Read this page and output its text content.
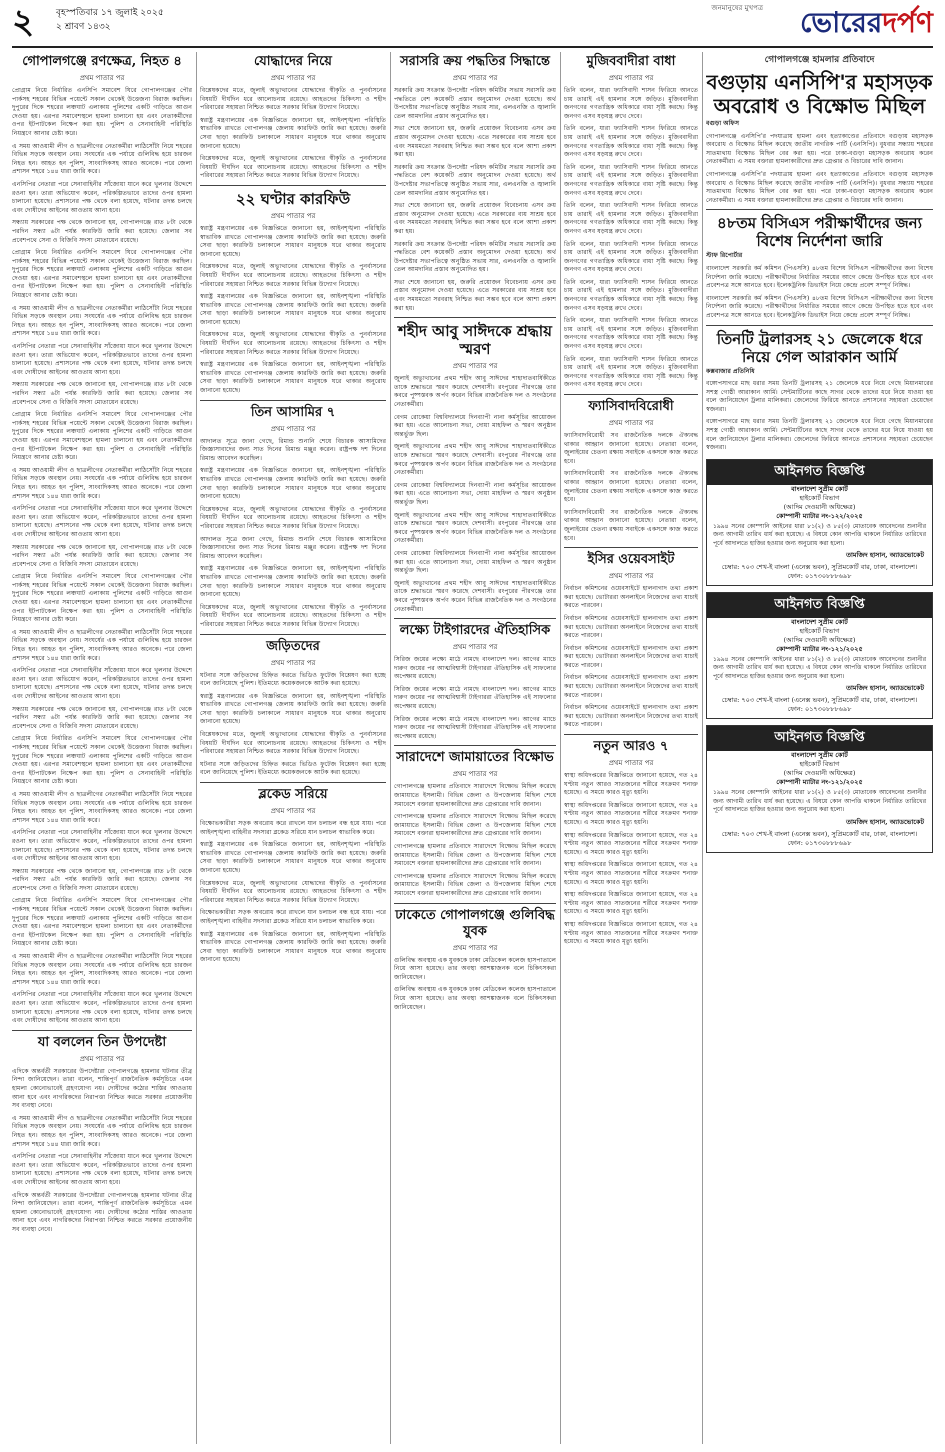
২ বৃহস্পতিবার ১৭ জুলাই ২০২৫
২ শ্রাবণ ১৪৩২
জনমানুষের মুখপত্র ভোরেরদর্পণ
গোপালগঞ্জে রণক্ষেত্র, নিহত ৪
প্রথম পাতার পর

প্রোগ্রাম নিয়ে নির্ধারিত এনসিপি সমাবেশ ঘিরে গোপালগঞ্জের পৌর পার্কসহ শহরের বিভিন্ন পয়েন্টে সকাল থেকেই উত্তেজনা বিরাজ করছিল। দুপুরের দিকে শহরের লঞ্চঘাট এলাকায় পুলিশের একটি গাড়িতে আগুন দেওয়া হয়। এরপর সমাবেশস্থলে হামলা চালানো হয় এবং নেতাকর্মীদের ওপর ইটপাটকেল নিক্ষেপ করা হয়। পুলিশ ও সেনাবাহিনী পরিস্থিতি নিয়ন্ত্রণে আনার চেষ্টা করে।

এ সময় আওয়ামী লীগ ও ছাত্রলীগের নেতাকর্মীরা লাঠিসোঁটা নিয়ে শহরের বিভিন্ন সড়কে অবস্থান নেয়। সংঘর্ষের এক পর্যায়ে গুলিবিদ্ধ হয়ে চারজন নিহত হন। আহত হন পুলিশ, সাংবাদিকসহ আরও অনেকে। পরে জেলা প্রশাসন শহরে ১৪৪ ধারা জারি করে।

এনসিপির নেতারা পরে সেনাবাহিনীর সাঁজোয়া যানে করে খুলনার উদ্দেশে রওনা হন। তারা অভিযোগ করেন, পরিকল্পিতভাবে তাদের ওপর হামলা চালানো হয়েছে। প্রশাসনের পক্ষ থেকে বলা হয়েছে, ঘটনার তদন্ত চলছে এবং দোষীদের আইনের আওতায় আনা হবে।

সন্ধ্যায় সরকারের পক্ষ থেকে জানানো হয়, গোপালগঞ্জে রাত ৮টা থেকে পরদিন সন্ধ্যা ৬টা পর্যন্ত কারফিউ জারি করা হয়েছে। জেলার সব প্রবেশপথে সেনা ও বিজিবি সদস্য মোতায়েন রয়েছে।

প্রোগ্রাম নিয়ে নির্ধারিত এনসিপি সমাবেশ ঘিরে গোপালগঞ্জের পৌর পার্কসহ শহরের বিভিন্ন পয়েন্টে সকাল থেকেই উত্তেজনা বিরাজ করছিল। দুপুরের দিকে শহরের লঞ্চঘাট এলাকায় পুলিশের একটি গাড়িতে আগুন দেওয়া হয়। এরপর সমাবেশস্থলে হামলা চালানো হয় এবং নেতাকর্মীদের ওপর ইটপাটকেল নিক্ষেপ করা হয়। পুলিশ ও সেনাবাহিনী পরিস্থিতি নিয়ন্ত্রণে আনার চেষ্টা করে।

এ সময় আওয়ামী লীগ ও ছাত্রলীগের নেতাকর্মীরা লাঠিসোঁটা নিয়ে শহরের বিভিন্ন সড়কে অবস্থান নেয়। সংঘর্ষের এক পর্যায়ে গুলিবিদ্ধ হয়ে চারজন নিহত হন। আহত হন পুলিশ, সাংবাদিকসহ আরও অনেকে। পরে জেলা প্রশাসন শহরে ১৪৪ ধারা জারি করে।

এনসিপির নেতারা পরে সেনাবাহিনীর সাঁজোয়া যানে করে খুলনার উদ্দেশে রওনা হন। তারা অভিযোগ করেন, পরিকল্পিতভাবে তাদের ওপর হামলা চালানো হয়েছে। প্রশাসনের পক্ষ থেকে বলা হয়েছে, ঘটনার তদন্ত চলছে এবং দোষীদের আইনের আওতায় আনা হবে।

সন্ধ্যায় সরকারের পক্ষ থেকে জানানো হয়, গোপালগঞ্জে রাত ৮টা থেকে পরদিন সন্ধ্যা ৬টা পর্যন্ত কারফিউ জারি করা হয়েছে। জেলার সব প্রবেশপথে সেনা ও বিজিবি সদস্য মোতায়েন রয়েছে।

প্রোগ্রাম নিয়ে নির্ধারিত এনসিপি সমাবেশ ঘিরে গোপালগঞ্জের পৌর পার্কসহ শহরের বিভিন্ন পয়েন্টে সকাল থেকেই উত্তেজনা বিরাজ করছিল। দুপুরের দিকে শহরের লঞ্চঘাট এলাকায় পুলিশের একটি গাড়িতে আগুন দেওয়া হয়। এরপর সমাবেশস্থলে হামলা চালানো হয় এবং নেতাকর্মীদের ওপর ইটপাটকেল নিক্ষেপ করা হয়। পুলিশ ও সেনাবাহিনী পরিস্থিতি নিয়ন্ত্রণে আনার চেষ্টা করে।

এ সময় আওয়ামী লীগ ও ছাত্রলীগের নেতাকর্মীরা লাঠিসোঁটা নিয়ে শহরের বিভিন্ন সড়কে অবস্থান নেয়। সংঘর্ষের এক পর্যায়ে গুলিবিদ্ধ হয়ে চারজন নিহত হন। আহত হন পুলিশ, সাংবাদিকসহ আরও অনেকে। পরে জেলা প্রশাসন শহরে ১৪৪ ধারা জারি করে।

এনসিপির নেতারা পরে সেনাবাহিনীর সাঁজোয়া যানে করে খুলনার উদ্দেশে রওনা হন। তারা অভিযোগ করেন, পরিকল্পিতভাবে তাদের ওপর হামলা চালানো হয়েছে। প্রশাসনের পক্ষ থেকে বলা হয়েছে, ঘটনার তদন্ত চলছে এবং দোষীদের আইনের আওতায় আনা হবে।

সন্ধ্যায় সরকারের পক্ষ থেকে জানানো হয়, গোপালগঞ্জে রাত ৮টা থেকে পরদিন সন্ধ্যা ৬টা পর্যন্ত কারফিউ জারি করা হয়েছে। জেলার সব প্রবেশপথে সেনা ও বিজিবি সদস্য মোতায়েন রয়েছে।

প্রোগ্রাম নিয়ে নির্ধারিত এনসিপি সমাবেশ ঘিরে গোপালগঞ্জের পৌর পার্কসহ শহরের বিভিন্ন পয়েন্টে সকাল থেকেই উত্তেজনা বিরাজ করছিল। দুপুরের দিকে শহরের লঞ্চঘাট এলাকায় পুলিশের একটি গাড়িতে আগুন দেওয়া হয়। এরপর সমাবেশস্থলে হামলা চালানো হয় এবং নেতাকর্মীদের ওপর ইটপাটকেল নিক্ষেপ করা হয়। পুলিশ ও সেনাবাহিনী পরিস্থিতি নিয়ন্ত্রণে আনার চেষ্টা করে।

এ সময় আওয়ামী লীগ ও ছাত্রলীগের নেতাকর্মীরা লাঠিসোঁটা নিয়ে শহরের বিভিন্ন সড়কে অবস্থান নেয়। সংঘর্ষের এক পর্যায়ে গুলিবিদ্ধ হয়ে চারজন নিহত হন। আহত হন পুলিশ, সাংবাদিকসহ আরও অনেকে। পরে জেলা প্রশাসন শহরে ১৪৪ ধারা জারি করে।

এনসিপির নেতারা পরে সেনাবাহিনীর সাঁজোয়া যানে করে খুলনার উদ্দেশে রওনা হন। তারা অভিযোগ করেন, পরিকল্পিতভাবে তাদের ওপর হামলা চালানো হয়েছে। প্রশাসনের পক্ষ থেকে বলা হয়েছে, ঘটনার তদন্ত চলছে এবং দোষীদের আইনের আওতায় আনা হবে।

সন্ধ্যায় সরকারের পক্ষ থেকে জানানো হয়, গোপালগঞ্জে রাত ৮টা থেকে পরদিন সন্ধ্যা ৬টা পর্যন্ত কারফিউ জারি করা হয়েছে। জেলার সব প্রবেশপথে সেনা ও বিজিবি সদস্য মোতায়েন রয়েছে।

প্রোগ্রাম নিয়ে নির্ধারিত এনসিপি সমাবেশ ঘিরে গোপালগঞ্জের পৌর পার্কসহ শহরের বিভিন্ন পয়েন্টে সকাল থেকেই উত্তেজনা বিরাজ করছিল। দুপুরের দিকে শহরের লঞ্চঘাট এলাকায় পুলিশের একটি গাড়িতে আগুন দেওয়া হয়। এরপর সমাবেশস্থলে হামলা চালানো হয় এবং নেতাকর্মীদের ওপর ইটপাটকেল নিক্ষেপ করা হয়। পুলিশ ও সেনাবাহিনী পরিস্থিতি নিয়ন্ত্রণে আনার চেষ্টা করে।

এ সময় আওয়ামী লীগ ও ছাত্রলীগের নেতাকর্মীরা লাঠিসোঁটা নিয়ে শহরের বিভিন্ন সড়কে অবস্থান নেয়। সংঘর্ষের এক পর্যায়ে গুলিবিদ্ধ হয়ে চারজন নিহত হন। আহত হন পুলিশ, সাংবাদিকসহ আরও অনেকে। পরে জেলা প্রশাসন শহরে ১৪৪ ধারা জারি করে।

এনসিপির নেতারা পরে সেনাবাহিনীর সাঁজোয়া যানে করে খুলনার উদ্দেশে রওনা হন। তারা অভিযোগ করেন, পরিকল্পিতভাবে তাদের ওপর হামলা চালানো হয়েছে। প্রশাসনের পক্ষ থেকে বলা হয়েছে, ঘটনার তদন্ত চলছে এবং দোষীদের আইনের আওতায় আনা হবে।

সন্ধ্যায় সরকারের পক্ষ থেকে জানানো হয়, গোপালগঞ্জে রাত ৮টা থেকে পরদিন সন্ধ্যা ৬টা পর্যন্ত কারফিউ জারি করা হয়েছে। জেলার সব প্রবেশপথে সেনা ও বিজিবি সদস্য মোতায়েন রয়েছে।

প্রোগ্রাম নিয়ে নির্ধারিত এনসিপি সমাবেশ ঘিরে গোপালগঞ্জের পৌর পার্কসহ শহরের বিভিন্ন পয়েন্টে সকাল থেকেই উত্তেজনা বিরাজ করছিল। দুপুরের দিকে শহরের লঞ্চঘাট এলাকায় পুলিশের একটি গাড়িতে আগুন দেওয়া হয়। এরপর সমাবেশস্থলে হামলা চালানো হয় এবং নেতাকর্মীদের ওপর ইটপাটকেল নিক্ষেপ করা হয়। পুলিশ ও সেনাবাহিনী পরিস্থিতি নিয়ন্ত্রণে আনার চেষ্টা করে।

এ সময় আওয়ামী লীগ ও ছাত্রলীগের নেতাকর্মীরা লাঠিসোঁটা নিয়ে শহরের বিভিন্ন সড়কে অবস্থান নেয়। সংঘর্ষের এক পর্যায়ে গুলিবিদ্ধ হয়ে চারজন নিহত হন। আহত হন পুলিশ, সাংবাদিকসহ আরও অনেকে। পরে জেলা প্রশাসন শহরে ১৪৪ ধারা জারি করে।

এনসিপির নেতারা পরে সেনাবাহিনীর সাঁজোয়া যানে করে খুলনার উদ্দেশে রওনা হন। তারা অভিযোগ করেন, পরিকল্পিতভাবে তাদের ওপর হামলা চালানো হয়েছে। প্রশাসনের পক্ষ থেকে বলা হয়েছে, ঘটনার তদন্ত চলছে এবং দোষীদের আইনের আওতায় আনা হবে।

যা বললেন তিন উপদেষ্টা
প্রথম পাতার পর

এদিকে অন্তর্বর্তী সরকারের উপদেষ্টারা গোপালগঞ্জে হামলার ঘটনার তীব্র নিন্দা জানিয়েছেন। তারা বলেন, শান্তিপূর্ণ রাজনৈতিক কর্মসূচিতে এমন হামলা কোনোভাবেই গ্রহণযোগ্য নয়। দোষীদের কঠোর শাস্তির আওতায় আনা হবে এবং নাগরিকদের নিরাপত্তা নিশ্চিত করতে সরকার প্রয়োজনীয় সব ব্যবস্থা নেবে।

এ সময় আওয়ামী লীগ ও ছাত্রলীগের নেতাকর্মীরা লাঠিসোঁটা নিয়ে শহরের বিভিন্ন সড়কে অবস্থান নেয়। সংঘর্ষের এক পর্যায়ে গুলিবিদ্ধ হয়ে চারজন নিহত হন। আহত হন পুলিশ, সাংবাদিকসহ আরও অনেকে। পরে জেলা প্রশাসন শহরে ১৪৪ ধারা জারি করে।

এনসিপির নেতারা পরে সেনাবাহিনীর সাঁজোয়া যানে করে খুলনার উদ্দেশে রওনা হন। তারা অভিযোগ করেন, পরিকল্পিতভাবে তাদের ওপর হামলা চালানো হয়েছে। প্রশাসনের পক্ষ থেকে বলা হয়েছে, ঘটনার তদন্ত চলছে এবং দোষীদের আইনের আওতায় আনা হবে।

এদিকে অন্তর্বর্তী সরকারের উপদেষ্টারা গোপালগঞ্জে হামলার ঘটনার তীব্র নিন্দা জানিয়েছেন। তারা বলেন, শান্তিপূর্ণ রাজনৈতিক কর্মসূচিতে এমন হামলা কোনোভাবেই গ্রহণযোগ্য নয়। দোষীদের কঠোর শাস্তির আওতায় আনা হবে এবং নাগরিকদের নিরাপত্তা নিশ্চিত করতে সরকার প্রয়োজনীয় সব ব্যবস্থা নেবে।

যোদ্ধাদের নিয়ে
প্রথম পাতার পর

বিশ্লেষকদের মতে, জুলাই অভ্যুত্থানের যোদ্ধাদের স্বীকৃতি ও পুনর্বাসনের বিষয়টি দীর্ঘদিন ধরে আলোচনায় রয়েছে। আহতদের চিকিৎসা ও শহীদ পরিবারের সহায়তা নিশ্চিত করতে সরকার বিভিন্ন উদ্যোগ নিয়েছে।

স্বরাষ্ট্র মন্ত্রণালয়ের এক বিজ্ঞপ্তিতে জানানো হয়, আইনশৃঙ্খলা পরিস্থিতি স্বাভাবিক রাখতে গোপালগঞ্জ জেলায় কারফিউ জারি করা হয়েছে। জরুরি সেবা ছাড়া কারফিউ চলাকালে সাধারণ মানুষকে ঘরে থাকার অনুরোধ জানানো হয়েছে।

বিশ্লেষকদের মতে, জুলাই অভ্যুত্থানের যোদ্ধাদের স্বীকৃতি ও পুনর্বাসনের বিষয়টি দীর্ঘদিন ধরে আলোচনায় রয়েছে। আহতদের চিকিৎসা ও শহীদ পরিবারের সহায়তা নিশ্চিত করতে সরকার বিভিন্ন উদ্যোগ নিয়েছে।

২২ ঘণ্টার কারফিউ
প্রথম পাতার পর

স্বরাষ্ট্র মন্ত্রণালয়ের এক বিজ্ঞপ্তিতে জানানো হয়, আইনশৃঙ্খলা পরিস্থিতি স্বাভাবিক রাখতে গোপালগঞ্জ জেলায় কারফিউ জারি করা হয়েছে। জরুরি সেবা ছাড়া কারফিউ চলাকালে সাধারণ মানুষকে ঘরে থাকার অনুরোধ জানানো হয়েছে।

বিশ্লেষকদের মতে, জুলাই অভ্যুত্থানের যোদ্ধাদের স্বীকৃতি ও পুনর্বাসনের বিষয়টি দীর্ঘদিন ধরে আলোচনায় রয়েছে। আহতদের চিকিৎসা ও শহীদ পরিবারের সহায়তা নিশ্চিত করতে সরকার বিভিন্ন উদ্যোগ নিয়েছে।

স্বরাষ্ট্র মন্ত্রণালয়ের এক বিজ্ঞপ্তিতে জানানো হয়, আইনশৃঙ্খলা পরিস্থিতি স্বাভাবিক রাখতে গোপালগঞ্জ জেলায় কারফিউ জারি করা হয়েছে। জরুরি সেবা ছাড়া কারফিউ চলাকালে সাধারণ মানুষকে ঘরে থাকার অনুরোধ জানানো হয়েছে।

বিশ্লেষকদের মতে, জুলাই অভ্যুত্থানের যোদ্ধাদের স্বীকৃতি ও পুনর্বাসনের বিষয়টি দীর্ঘদিন ধরে আলোচনায় রয়েছে। আহতদের চিকিৎসা ও শহীদ পরিবারের সহায়তা নিশ্চিত করতে সরকার বিভিন্ন উদ্যোগ নিয়েছে।

স্বরাষ্ট্র মন্ত্রণালয়ের এক বিজ্ঞপ্তিতে জানানো হয়, আইনশৃঙ্খলা পরিস্থিতি স্বাভাবিক রাখতে গোপালগঞ্জ জেলায় কারফিউ জারি করা হয়েছে। জরুরি সেবা ছাড়া কারফিউ চলাকালে সাধারণ মানুষকে ঘরে থাকার অনুরোধ জানানো হয়েছে।

তিন আসামির ৭
প্রথম পাতার পর

আদালত সূত্রে জানা গেছে, রিমান্ড শুনানি শেষে বিচারক আসামিদের জিজ্ঞাসাবাদের জন্য সাত দিনের রিমান্ড মঞ্জুর করেন। রাষ্ট্রপক্ষ দশ দিনের রিমান্ড আবেদন করেছিল।

স্বরাষ্ট্র মন্ত্রণালয়ের এক বিজ্ঞপ্তিতে জানানো হয়, আইনশৃঙ্খলা পরিস্থিতি স্বাভাবিক রাখতে গোপালগঞ্জ জেলায় কারফিউ জারি করা হয়েছে। জরুরি সেবা ছাড়া কারফিউ চলাকালে সাধারণ মানুষকে ঘরে থাকার অনুরোধ জানানো হয়েছে।

বিশ্লেষকদের মতে, জুলাই অভ্যুত্থানের যোদ্ধাদের স্বীকৃতি ও পুনর্বাসনের বিষয়টি দীর্ঘদিন ধরে আলোচনায় রয়েছে। আহতদের চিকিৎসা ও শহীদ পরিবারের সহায়তা নিশ্চিত করতে সরকার বিভিন্ন উদ্যোগ নিয়েছে।

আদালত সূত্রে জানা গেছে, রিমান্ড শুনানি শেষে বিচারক আসামিদের জিজ্ঞাসাবাদের জন্য সাত দিনের রিমান্ড মঞ্জুর করেন। রাষ্ট্রপক্ষ দশ দিনের রিমান্ড আবেদন করেছিল।

স্বরাষ্ট্র মন্ত্রণালয়ের এক বিজ্ঞপ্তিতে জানানো হয়, আইনশৃঙ্খলা পরিস্থিতি স্বাভাবিক রাখতে গোপালগঞ্জ জেলায় কারফিউ জারি করা হয়েছে। জরুরি সেবা ছাড়া কারফিউ চলাকালে সাধারণ মানুষকে ঘরে থাকার অনুরোধ জানানো হয়েছে।

বিশ্লেষকদের মতে, জুলাই অভ্যুত্থানের যোদ্ধাদের স্বীকৃতি ও পুনর্বাসনের বিষয়টি দীর্ঘদিন ধরে আলোচনায় রয়েছে। আহতদের চিকিৎসা ও শহীদ পরিবারের সহায়তা নিশ্চিত করতে সরকার বিভিন্ন উদ্যোগ নিয়েছে।

জড়িতদের
প্রথম পাতার পর

ঘটনার সঙ্গে জড়িতদের চিহ্নিত করতে ভিডিও ফুটেজ বিশ্লেষণ করা হচ্ছে বলে জানিয়েছে পুলিশ। ইতিমধ্যে কয়েকজনকে আটক করা হয়েছে।

স্বরাষ্ট্র মন্ত্রণালয়ের এক বিজ্ঞপ্তিতে জানানো হয়, আইনশৃঙ্খলা পরিস্থিতি স্বাভাবিক রাখতে গোপালগঞ্জ জেলায় কারফিউ জারি করা হয়েছে। জরুরি সেবা ছাড়া কারফিউ চলাকালে সাধারণ মানুষকে ঘরে থাকার অনুরোধ জানানো হয়েছে।

বিশ্লেষকদের মতে, জুলাই অভ্যুত্থানের যোদ্ধাদের স্বীকৃতি ও পুনর্বাসনের বিষয়টি দীর্ঘদিন ধরে আলোচনায় রয়েছে। আহতদের চিকিৎসা ও শহীদ পরিবারের সহায়তা নিশ্চিত করতে সরকার বিভিন্ন উদ্যোগ নিয়েছে।

ঘটনার সঙ্গে জড়িতদের চিহ্নিত করতে ভিডিও ফুটেজ বিশ্লেষণ করা হচ্ছে বলে জানিয়েছে পুলিশ। ইতিমধ্যে কয়েকজনকে আটক করা হয়েছে।

ব্লকেড সরিয়ে
প্রথম পাতার পর

বিক্ষোভকারীরা সড়ক অবরোধ করে রাখলে যান চলাচল বন্ধ হয়ে যায়। পরে আইনশৃঙ্খলা বাহিনীর সদস্যরা ব্লকেড সরিয়ে যান চলাচল স্বাভাবিক করে।

স্বরাষ্ট্র মন্ত্রণালয়ের এক বিজ্ঞপ্তিতে জানানো হয়, আইনশৃঙ্খলা পরিস্থিতি স্বাভাবিক রাখতে গোপালগঞ্জ জেলায় কারফিউ জারি করা হয়েছে। জরুরি সেবা ছাড়া কারফিউ চলাকালে সাধারণ মানুষকে ঘরে থাকার অনুরোধ জানানো হয়েছে।

বিশ্লেষকদের মতে, জুলাই অভ্যুত্থানের যোদ্ধাদের স্বীকৃতি ও পুনর্বাসনের বিষয়টি দীর্ঘদিন ধরে আলোচনায় রয়েছে। আহতদের চিকিৎসা ও শহীদ পরিবারের সহায়তা নিশ্চিত করতে সরকার বিভিন্ন উদ্যোগ নিয়েছে।

বিক্ষোভকারীরা সড়ক অবরোধ করে রাখলে যান চলাচল বন্ধ হয়ে যায়। পরে আইনশৃঙ্খলা বাহিনীর সদস্যরা ব্লকেড সরিয়ে যান চলাচল স্বাভাবিক করে।

স্বরাষ্ট্র মন্ত্রণালয়ের এক বিজ্ঞপ্তিতে জানানো হয়, আইনশৃঙ্খলা পরিস্থিতি স্বাভাবিক রাখতে গোপালগঞ্জ জেলায় কারফিউ জারি করা হয়েছে। জরুরি সেবা ছাড়া কারফিউ চলাকালে সাধারণ মানুষকে ঘরে থাকার অনুরোধ জানানো হয়েছে।

সরাসরি ক্রয় পদ্ধতির সিদ্ধান্তে
প্রথম পাতার পর

সরকারি ক্রয় সংক্রান্ত উপদেষ্টা পরিষদ কমিটির সভায় সরাসরি ক্রয় পদ্ধতিতে বেশ কয়েকটি প্রস্তাব অনুমোদন দেওয়া হয়েছে। অর্থ উপদেষ্টার সভাপতিত্বে অনুষ্ঠিত সভায় সার, এলএনজি ও জ্বালানি তেল আমদানির প্রস্তাব অনুমোদিত হয়।

সভা শেষে জানানো হয়, জরুরি প্রয়োজন বিবেচনায় এসব ক্রয় প্রস্তাব অনুমোদন দেওয়া হয়েছে। এতে সরকারের ব্যয় সাশ্রয় হবে এবং সময়মতো সরবরাহ নিশ্চিত করা সম্ভব হবে বলে আশা প্রকাশ করা হয়।

সরকারি ক্রয় সংক্রান্ত উপদেষ্টা পরিষদ কমিটির সভায় সরাসরি ক্রয় পদ্ধতিতে বেশ কয়েকটি প্রস্তাব অনুমোদন দেওয়া হয়েছে। অর্থ উপদেষ্টার সভাপতিত্বে অনুষ্ঠিত সভায় সার, এলএনজি ও জ্বালানি তেল আমদানির প্রস্তাব অনুমোদিত হয়।

সভা শেষে জানানো হয়, জরুরি প্রয়োজন বিবেচনায় এসব ক্রয় প্রস্তাব অনুমোদন দেওয়া হয়েছে। এতে সরকারের ব্যয় সাশ্রয় হবে এবং সময়মতো সরবরাহ নিশ্চিত করা সম্ভব হবে বলে আশা প্রকাশ করা হয়।

সরকারি ক্রয় সংক্রান্ত উপদেষ্টা পরিষদ কমিটির সভায় সরাসরি ক্রয় পদ্ধতিতে বেশ কয়েকটি প্রস্তাব অনুমোদন দেওয়া হয়েছে। অর্থ উপদেষ্টার সভাপতিত্বে অনুষ্ঠিত সভায় সার, এলএনজি ও জ্বালানি তেল আমদানির প্রস্তাব অনুমোদিত হয়।

সভা শেষে জানানো হয়, জরুরি প্রয়োজন বিবেচনায় এসব ক্রয় প্রস্তাব অনুমোদন দেওয়া হয়েছে। এতে সরকারের ব্যয় সাশ্রয় হবে এবং সময়মতো সরবরাহ নিশ্চিত করা সম্ভব হবে বলে আশা প্রকাশ করা হয়।

শহীদ আবু সাঈদকে শ্রদ্ধায় স্মরণ
প্রথম পাতার পর

জুলাই অভ্যুত্থানের প্রথম শহীদ আবু সাঈদের শাহাদাতবার্ষিকীতে তাকে শ্রদ্ধাভরে স্মরণ করেছে দেশবাসী। রংপুরের পীরগঞ্জে তার কবরে পুষ্পস্তবক অর্পণ করেন বিভিন্ন রাজনৈতিক দল ও সংগঠনের নেতাকর্মীরা।

বেগম রোকেয়া বিশ্ববিদ্যালয়ে দিনব্যাপী নানা কর্মসূচির আয়োজন করা হয়। এতে আলোচনা সভা, দোয়া মাহফিল ও স্মরণ অনুষ্ঠান অন্তর্ভুক্ত ছিল।

জুলাই অভ্যুত্থানের প্রথম শহীদ আবু সাঈদের শাহাদাতবার্ষিকীতে তাকে শ্রদ্ধাভরে স্মরণ করেছে দেশবাসী। রংপুরের পীরগঞ্জে তার কবরে পুষ্পস্তবক অর্পণ করেন বিভিন্ন রাজনৈতিক দল ও সংগঠনের নেতাকর্মীরা।

বেগম রোকেয়া বিশ্ববিদ্যালয়ে দিনব্যাপী নানা কর্মসূচির আয়োজন করা হয়। এতে আলোচনা সভা, দোয়া মাহফিল ও স্মরণ অনুষ্ঠান অন্তর্ভুক্ত ছিল।

জুলাই অভ্যুত্থানের প্রথম শহীদ আবু সাঈদের শাহাদাতবার্ষিকীতে তাকে শ্রদ্ধাভরে স্মরণ করেছে দেশবাসী। রংপুরের পীরগঞ্জে তার কবরে পুষ্পস্তবক অর্পণ করেন বিভিন্ন রাজনৈতিক দল ও সংগঠনের নেতাকর্মীরা।

বেগম রোকেয়া বিশ্ববিদ্যালয়ে দিনব্যাপী নানা কর্মসূচির আয়োজন করা হয়। এতে আলোচনা সভা, দোয়া মাহফিল ও স্মরণ অনুষ্ঠান অন্তর্ভুক্ত ছিল।

জুলাই অভ্যুত্থানের প্রথম শহীদ আবু সাঈদের শাহাদাতবার্ষিকীতে তাকে শ্রদ্ধাভরে স্মরণ করেছে দেশবাসী। রংপুরের পীরগঞ্জে তার কবরে পুষ্পস্তবক অর্পণ করেন বিভিন্ন রাজনৈতিক দল ও সংগঠনের নেতাকর্মীরা।

লক্ষ্যে টাইগারদের ঐতিহাসিক
প্রথম পাতার পর

সিরিজ জয়ের লক্ষ্যে মাঠে নামছে বাংলাদেশ দল। আগের ম্যাচে দারুণ জয়ের পর আত্মবিশ্বাসী টাইগাররা ঐতিহাসিক এই সাফল্যের অপেক্ষায় রয়েছে।

সিরিজ জয়ের লক্ষ্যে মাঠে নামছে বাংলাদেশ দল। আগের ম্যাচে দারুণ জয়ের পর আত্মবিশ্বাসী টাইগাররা ঐতিহাসিক এই সাফল্যের অপেক্ষায় রয়েছে।

সিরিজ জয়ের লক্ষ্যে মাঠে নামছে বাংলাদেশ দল। আগের ম্যাচে দারুণ জয়ের পর আত্মবিশ্বাসী টাইগাররা ঐতিহাসিক এই সাফল্যের অপেক্ষায় রয়েছে।

সারাদেশে জামায়াতের বিক্ষোভ
প্রথম পাতার পর

গোপালগঞ্জে হামলার প্রতিবাদে সারাদেশে বিক্ষোভ মিছিল করেছে জামায়াতে ইসলামী। বিভিন্ন জেলা ও উপজেলায় মিছিল শেষে সমাবেশে বক্তারা হামলাকারীদের দ্রুত গ্রেপ্তারের দাবি জানান।

গোপালগঞ্জে হামলার প্রতিবাদে সারাদেশে বিক্ষোভ মিছিল করেছে জামায়াতে ইসলামী। বিভিন্ন জেলা ও উপজেলায় মিছিল শেষে সমাবেশে বক্তারা হামলাকারীদের দ্রুত গ্রেপ্তারের দাবি জানান।

গোপালগঞ্জে হামলার প্রতিবাদে সারাদেশে বিক্ষোভ মিছিল করেছে জামায়াতে ইসলামী। বিভিন্ন জেলা ও উপজেলায় মিছিল শেষে সমাবেশে বক্তারা হামলাকারীদের দ্রুত গ্রেপ্তারের দাবি জানান।

গোপালগঞ্জে হামলার প্রতিবাদে সারাদেশে বিক্ষোভ মিছিল করেছে জামায়াতে ইসলামী। বিভিন্ন জেলা ও উপজেলায় মিছিল শেষে সমাবেশে বক্তারা হামলাকারীদের দ্রুত গ্রেপ্তারের দাবি জানান।

ঢাকেতে গোপালগঞ্জে গুলিবিদ্ধ যুবক
প্রথম পাতার পর

গুলিবিদ্ধ অবস্থায় এক যুবককে ঢাকা মেডিকেল কলেজ হাসপাতালে নিয়ে আসা হয়েছে। তার অবস্থা আশঙ্কাজনক বলে চিকিৎসকরা জানিয়েছেন।

গুলিবিদ্ধ অবস্থায় এক যুবককে ঢাকা মেডিকেল কলেজ হাসপাতালে নিয়ে আসা হয়েছে। তার অবস্থা আশঙ্কাজনক বলে চিকিৎসকরা জানিয়েছেন।

মুজিববাদীরা বাধা
প্রথম পাতার পর

তিনি বলেন, যারা ফ্যাসিবাদী শাসন ফিরিয়ে আনতে চায় তারাই এই হামলার সঙ্গে জড়িত। মুজিববাদীরা জনগণের গণতান্ত্রিক অধিকারে বাধা সৃষ্টি করছে। কিন্তু জনগণ এসব ষড়যন্ত্র রুখে দেবে।

তিনি বলেন, যারা ফ্যাসিবাদী শাসন ফিরিয়ে আনতে চায় তারাই এই হামলার সঙ্গে জড়িত। মুজিববাদীরা জনগণের গণতান্ত্রিক অধিকারে বাধা সৃষ্টি করছে। কিন্তু জনগণ এসব ষড়যন্ত্র রুখে দেবে।

তিনি বলেন, যারা ফ্যাসিবাদী শাসন ফিরিয়ে আনতে চায় তারাই এই হামলার সঙ্গে জড়িত। মুজিববাদীরা জনগণের গণতান্ত্রিক অধিকারে বাধা সৃষ্টি করছে। কিন্তু জনগণ এসব ষড়যন্ত্র রুখে দেবে।

তিনি বলেন, যারা ফ্যাসিবাদী শাসন ফিরিয়ে আনতে চায় তারাই এই হামলার সঙ্গে জড়িত। মুজিববাদীরা জনগণের গণতান্ত্রিক অধিকারে বাধা সৃষ্টি করছে। কিন্তু জনগণ এসব ষড়যন্ত্র রুখে দেবে।

তিনি বলেন, যারা ফ্যাসিবাদী শাসন ফিরিয়ে আনতে চায় তারাই এই হামলার সঙ্গে জড়িত। মুজিববাদীরা জনগণের গণতান্ত্রিক অধিকারে বাধা সৃষ্টি করছে। কিন্তু জনগণ এসব ষড়যন্ত্র রুখে দেবে।

তিনি বলেন, যারা ফ্যাসিবাদী শাসন ফিরিয়ে আনতে চায় তারাই এই হামলার সঙ্গে জড়িত। মুজিববাদীরা জনগণের গণতান্ত্রিক অধিকারে বাধা সৃষ্টি করছে। কিন্তু জনগণ এসব ষড়যন্ত্র রুখে দেবে।

তিনি বলেন, যারা ফ্যাসিবাদী শাসন ফিরিয়ে আনতে চায় তারাই এই হামলার সঙ্গে জড়িত। মুজিববাদীরা জনগণের গণতান্ত্রিক অধিকারে বাধা সৃষ্টি করছে। কিন্তু জনগণ এসব ষড়যন্ত্র রুখে দেবে।

তিনি বলেন, যারা ফ্যাসিবাদী শাসন ফিরিয়ে আনতে চায় তারাই এই হামলার সঙ্গে জড়িত। মুজিববাদীরা জনগণের গণতান্ত্রিক অধিকারে বাধা সৃষ্টি করছে। কিন্তু জনগণ এসব ষড়যন্ত্র রুখে দেবে।

ফ্যাসিবাদবিরোধী
প্রথম পাতার পর

ফ্যাসিবাদবিরোধী সব রাজনৈতিক দলকে ঐক্যবদ্ধ থাকার আহ্বান জানানো হয়েছে। নেতারা বলেন, জুলাইয়ের চেতনা রক্ষায় সবাইকে একসঙ্গে কাজ করতে হবে।

ফ্যাসিবাদবিরোধী সব রাজনৈতিক দলকে ঐক্যবদ্ধ থাকার আহ্বান জানানো হয়েছে। নেতারা বলেন, জুলাইয়ের চেতনা রক্ষায় সবাইকে একসঙ্গে কাজ করতে হবে।

ফ্যাসিবাদবিরোধী সব রাজনৈতিক দলকে ঐক্যবদ্ধ থাকার আহ্বান জানানো হয়েছে। নেতারা বলেন, জুলাইয়ের চেতনা রক্ষায় সবাইকে একসঙ্গে কাজ করতে হবে।

ইসির ওয়েবসাইট
প্রথম পাতার পর

নির্বাচন কমিশনের ওয়েবসাইটে হালনাগাদ তথ্য প্রকাশ করা হয়েছে। ভোটাররা অনলাইনে নিজেদের তথ্য যাচাই করতে পারবেন।

নির্বাচন কমিশনের ওয়েবসাইটে হালনাগাদ তথ্য প্রকাশ করা হয়েছে। ভোটাররা অনলাইনে নিজেদের তথ্য যাচাই করতে পারবেন।

নির্বাচন কমিশনের ওয়েবসাইটে হালনাগাদ তথ্য প্রকাশ করা হয়েছে। ভোটাররা অনলাইনে নিজেদের তথ্য যাচাই করতে পারবেন।

নির্বাচন কমিশনের ওয়েবসাইটে হালনাগাদ তথ্য প্রকাশ করা হয়েছে। ভোটাররা অনলাইনে নিজেদের তথ্য যাচাই করতে পারবেন।

নির্বাচন কমিশনের ওয়েবসাইটে হালনাগাদ তথ্য প্রকাশ করা হয়েছে। ভোটাররা অনলাইনে নিজেদের তথ্য যাচাই করতে পারবেন।

নতুন আরও ৭
প্রথম পাতার পর

স্বাস্থ্য অধিদপ্তরের বিজ্ঞপ্তিতে জানানো হয়েছে, গত ২৪ ঘণ্টায় নতুন আরও সাতজনের শরীরে সংক্রমণ শনাক্ত হয়েছে। এ সময়ে কারও মৃত্যু হয়নি।

স্বাস্থ্য অধিদপ্তরের বিজ্ঞপ্তিতে জানানো হয়েছে, গত ২৪ ঘণ্টায় নতুন আরও সাতজনের শরীরে সংক্রমণ শনাক্ত হয়েছে। এ সময়ে কারও মৃত্যু হয়নি।

স্বাস্থ্য অধিদপ্তরের বিজ্ঞপ্তিতে জানানো হয়েছে, গত ২৪ ঘণ্টায় নতুন আরও সাতজনের শরীরে সংক্রমণ শনাক্ত হয়েছে। এ সময়ে কারও মৃত্যু হয়নি।

স্বাস্থ্য অধিদপ্তরের বিজ্ঞপ্তিতে জানানো হয়েছে, গত ২৪ ঘণ্টায় নতুন আরও সাতজনের শরীরে সংক্রমণ শনাক্ত হয়েছে। এ সময়ে কারও মৃত্যু হয়নি।

স্বাস্থ্য অধিদপ্তরের বিজ্ঞপ্তিতে জানানো হয়েছে, গত ২৪ ঘণ্টায় নতুন আরও সাতজনের শরীরে সংক্রমণ শনাক্ত হয়েছে। এ সময়ে কারও মৃত্যু হয়নি।

স্বাস্থ্য অধিদপ্তরের বিজ্ঞপ্তিতে জানানো হয়েছে, গত ২৪ ঘণ্টায় নতুন আরও সাতজনের শরীরে সংক্রমণ শনাক্ত হয়েছে। এ সময়ে কারও মৃত্যু হয়নি।

গোপালগঞ্জে হামলার প্রতিবাদে
বগুড়ায় এনসিপি'র মহাসড়ক অবরোধ ও বিক্ষোভ মিছিল
বগুড়া অফিস

গোপালগঞ্জে এনসিপি'র পদযাত্রায় হামলা এবং হত্যাকাণ্ডের প্রতিবাদে বগুড়ায় মহাসড়ক অবরোধ ও বিক্ষোভ মিছিল করেছে জাতীয় নাগরিক পার্টি (এনসিপি)। বুধবার সন্ধ্যায় শহরের সাতমাথায় বিক্ষোভ মিছিল বের করা হয়। পরে ঢাকা-বগুড়া মহাসড়ক অবরোধ করেন নেতাকর্মীরা। এ সময় বক্তারা হামলাকারীদের দ্রুত গ্রেপ্তার ও বিচারের দাবি জানান।

গোপালগঞ্জে এনসিপি'র পদযাত্রায় হামলা এবং হত্যাকাণ্ডের প্রতিবাদে বগুড়ায় মহাসড়ক অবরোধ ও বিক্ষোভ মিছিল করেছে জাতীয় নাগরিক পার্টি (এনসিপি)। বুধবার সন্ধ্যায় শহরের সাতমাথায় বিক্ষোভ মিছিল বের করা হয়। পরে ঢাকা-বগুড়া মহাসড়ক অবরোধ করেন নেতাকর্মীরা। এ সময় বক্তারা হামলাকারীদের দ্রুত গ্রেপ্তার ও বিচারের দাবি জানান।

৪৮তম বিসিএস পরীক্ষার্থীদের জন্য বিশেষ নির্দেশনা জারি
স্টাফ রিপোর্টার

বাংলাদেশ সরকারি কর্ম কমিশন (পিএসসি) ৪৮তম বিশেষ বিসিএস পরীক্ষার্থীদের জন্য বিশেষ নির্দেশনা জারি করেছে। পরীক্ষার্থীদের নির্ধারিত সময়ের আগে কেন্দ্রে উপস্থিত হতে হবে এবং প্রবেশপত্র সঙ্গে আনতে হবে। ইলেকট্রনিক ডিভাইস নিয়ে কেন্দ্রে প্রবেশ সম্পূর্ণ নিষিদ্ধ।

বাংলাদেশ সরকারি কর্ম কমিশন (পিএসসি) ৪৮তম বিশেষ বিসিএস পরীক্ষার্থীদের জন্য বিশেষ নির্দেশনা জারি করেছে। পরীক্ষার্থীদের নির্ধারিত সময়ের আগে কেন্দ্রে উপস্থিত হতে হবে এবং প্রবেশপত্র সঙ্গে আনতে হবে। ইলেকট্রনিক ডিভাইস নিয়ে কেন্দ্রে প্রবেশ সম্পূর্ণ নিষিদ্ধ।

তিনটি ট্রলারসহ ২১ জেলেকে ধরে নিয়ে গেল আরাকান আর্মি
কক্সবাজার প্রতিনিধি

বঙ্গোপসাগরে মাছ ধরার সময় তিনটি ট্রলারসহ ২১ জেলেকে ধরে নিয়ে গেছে মিয়ানমারের সশস্ত্র গোষ্ঠী আরাকান আর্মি। সেন্টমার্টিনের কাছে সাগর থেকে তাদের ধরে নিয়ে যাওয়া হয় বলে জানিয়েছেন ট্রলার মালিকরা। জেলেদের ফিরিয়ে আনতে প্রশাসনের সহায়তা চেয়েছেন স্বজনরা।

বঙ্গোপসাগরে মাছ ধরার সময় তিনটি ট্রলারসহ ২১ জেলেকে ধরে নিয়ে গেছে মিয়ানমারের সশস্ত্র গোষ্ঠী আরাকান আর্মি। সেন্টমার্টিনের কাছে সাগর থেকে তাদের ধরে নিয়ে যাওয়া হয় বলে জানিয়েছেন ট্রলার মালিকরা। জেলেদের ফিরিয়ে আনতে প্রশাসনের সহায়তা চেয়েছেন স্বজনরা।

আইনগত বিজ্ঞপ্তি

বাংলাদেশ সুপ্রীম কোর্ট

হাইকোর্ট বিভাগ

(আদিম দেওয়ানী অধিক্ষেত্র)

কোম্পানী ম্যাটার নং-১২২/২০২৫

১৯৯৪ সনের কোম্পানি আইনের ধারা ৮১(২) ও ৮৫(৩) মোতাবেক আবেদনের শুনানীর জন্য আগামী তারিখ ধার্য করা হয়েছে। এ বিষয়ে কোন আপত্তি থাকলে নির্ধারিত তারিখের পূর্বে আদালতে হাজির হওয়ার জন্য অনুরোধ করা হলো।

তামজিদ হাসান, অ্যাডভোকেট

চেম্বার: ৭০৩ শেখ-ই বাংলা (এনেক্স ভবন), সুপ্রিমকোর্ট বার, ঢাকা, বাংলাদেশ।

ফোন: ০১৭৩০৮৮৮৬৯৮

আইনগত বিজ্ঞপ্তি

বাংলাদেশ সুপ্রীম কোর্ট

হাইকোর্ট বিভাগ

(আদিম দেওয়ানী অধিক্ষেত্র)

কোম্পানী ম্যাটার নং-১২১/২০২৫

১৯৯৪ সনের কোম্পানি আইনের ধারা ৮১(২) ও ৮৫(৩) মোতাবেক আবেদনের শুনানীর জন্য আগামী তারিখ ধার্য করা হয়েছে। এ বিষয়ে কোন আপত্তি থাকলে নির্ধারিত তারিখের পূর্বে আদালতে হাজির হওয়ার জন্য অনুরোধ করা হলো।

তামজিদ হাসান, অ্যাডভোকেট

চেম্বার: ৭০৩ শেখ-ই বাংলা (এনেক্স ভবন), সুপ্রিমকোর্ট বার, ঢাকা, বাংলাদেশ।

ফোন: ০১৭৩০৮৮৮৬৯৮

আইনগত বিজ্ঞপ্তি

বাংলাদেশ সুপ্রীম কোর্ট

হাইকোর্ট বিভাগ

(আদিম দেওয়ানী অধিক্ষেত্র)

কোম্পানী ম্যাটার নং-১২১/২০২৫

১৯৯৪ সনের কোম্পানি আইনের ধারা ৮১(২) ও ৮৫(৩) মোতাবেক আবেদনের শুনানীর জন্য আগামী তারিখ ধার্য করা হয়েছে। এ বিষয়ে কোন আপত্তি থাকলে নির্ধারিত তারিখের পূর্বে আদালতে হাজির হওয়ার জন্য অনুরোধ করা হলো।

তামজিদ হাসান, অ্যাডভোকেট

চেম্বার: ৭০৩ শেখ-ই বাংলা (এনেক্স ভবন), সুপ্রিমকোর্ট বার, ঢাকা, বাংলাদেশ।

ফোন: ০১৭৩০৮৮৮৬৯৮
